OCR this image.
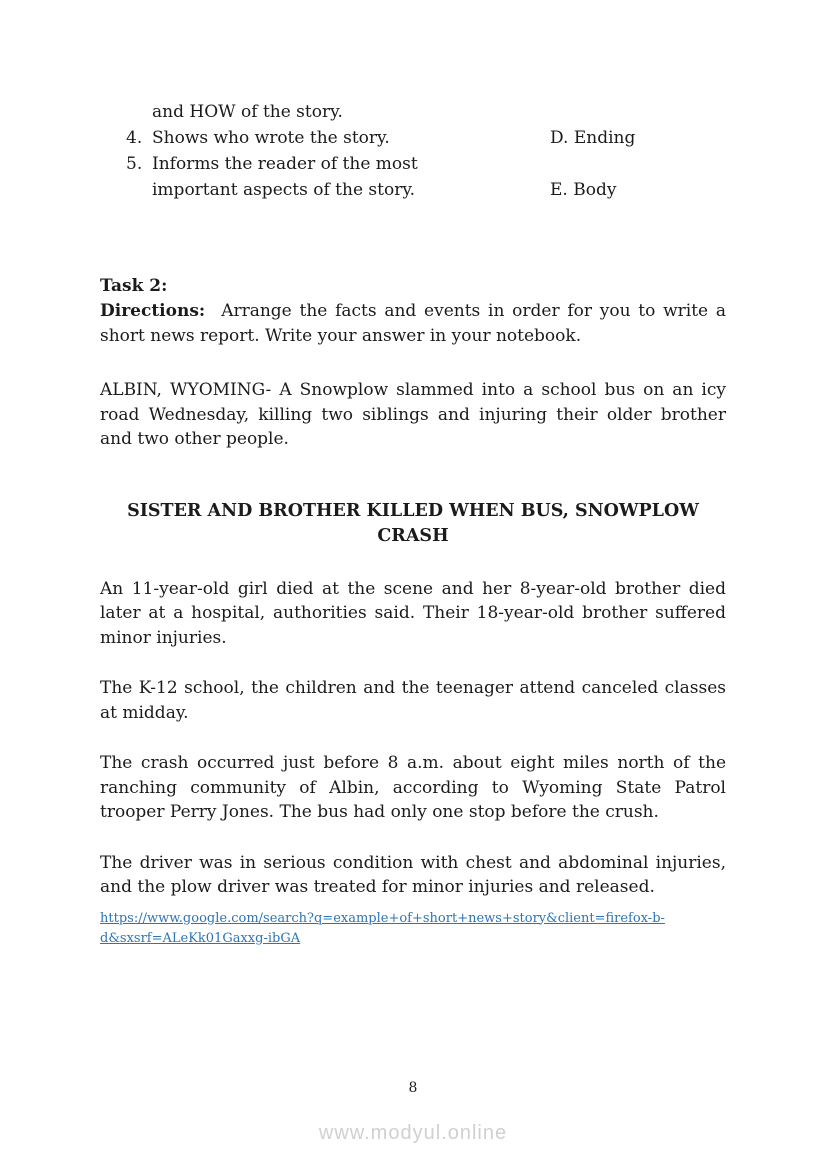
and HOW of the story.
4. Shows who wrote the story.	D. Ending
5. Informs the reader of the most
important aspects of the story.	E. Body

Task 2:

Directions: Arrange the facts and events in order for you to write a short news report. Write your answer in your notebook.

ALBIN, WYOMING- A Snowplow slammed into a school bus on an icy road Wednesday, killing two siblings and injuring their older brother and two other people.

SISTER AND BROTHER KILLED WHEN BUS, SNOWPLOW CRASH

An 11-year-old girl died at the scene and her 8-year-old brother died later at a hospital, authorities said. Their 18-year-old brother suffered minor injuries.

The K-12 school, the children and the teenager attend canceled classes at midday.

The crash occurred just before 8 a.m. about eight miles north of the ranching community of Albin, according to Wyoming State Patrol trooper Perry Jones. The bus had only one stop before the crush.

The driver was in serious condition with chest and abdominal injuries, and the plow driver was treated for minor injuries and released.

https://www.google.com/search?q=example+of+short+news+story&client=firefox-b-d&sxsrf=ALeKk01Gaxxg-ibGA

8
www.modyul.online
